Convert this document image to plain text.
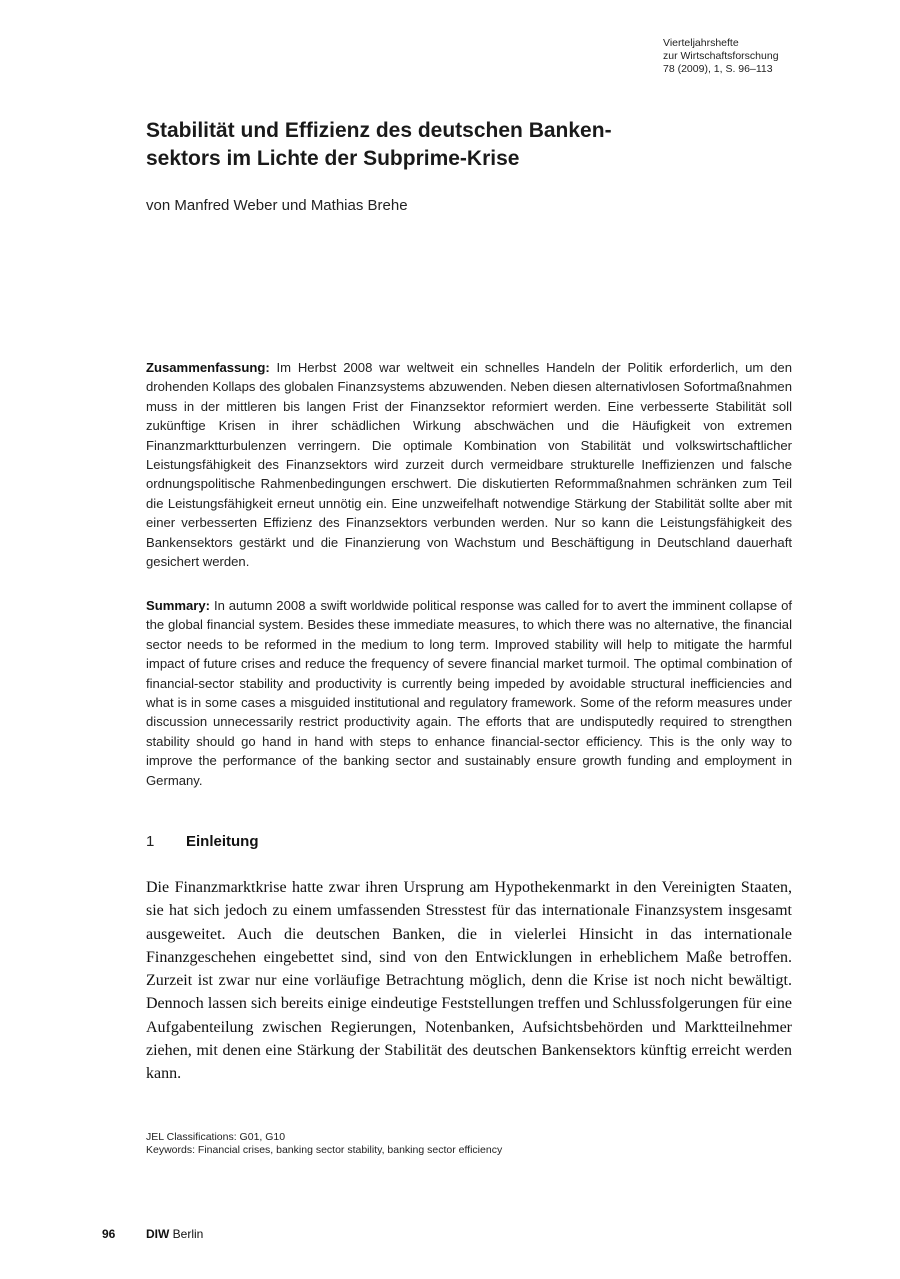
Vierteljahrshefte
zur Wirtschaftsforschung
78 (2009), 1, S. 96–113
Stabilität und Effizienz des deutschen Banken-
sektors im Lichte der Subprime-Krise
von Manfred Weber und Mathias Brehe

Zusammenfassung: Im Herbst 2008 war weltweit ein schnelles Handeln der Politik erforderlich, um den drohenden Kollaps des globalen Finanzsystems abzuwenden. Neben diesen alternativlosen Sofortmaßnahmen muss in der mittleren bis langen Frist der Finanzsektor reformiert werden. Eine verbesserte Stabilität soll zukünftige Krisen in ihrer schädlichen Wirkung abschwächen und die Häufigkeit von extremen Finanzmarktturbulenzen verringern. Die optimale Kombination von Stabilität und volkswirtschaftlicher Leistungsfähigkeit des Finanzsektors wird zurzeit durch vermeidbare strukturelle Ineffizienzen und falsche ordnungspolitische Rahmenbedingungen erschwert. Die diskutierten Reformmaßnahmen schränken zum Teil die Leistungsfähigkeit erneut unnötig ein. Eine unzweifelhaft notwendige Stärkung der Stabilität sollte aber mit einer verbesserten Effizienz des Finanzsektors verbunden werden. Nur so kann die Leistungsfähigkeit des Bankensektors gestärkt und die Finanzierung von Wachstum und Beschäftigung in Deutschland dauerhaft gesichert werden.

Summary: In autumn 2008 a swift worldwide political response was called for to avert the imminent collapse of the global financial system. Besides these immediate measures, to which there was no alternative, the financial sector needs to be reformed in the medium to long term. Improved stability will help to mitigate the harmful impact of future crises and reduce the frequency of severe financial market turmoil. The optimal combination of financial-sector stability and productivity is currently being impeded by avoidable structural inefficiencies and what is in some cases a misguided institutional and regulatory framework. Some of the reform measures under discussion unnecessarily restrict productivity again. The efforts that are undisputedly required to strengthen stability should go hand in hand with steps to enhance financial-sector efficiency. This is the only way to improve the performance of the banking sector and sustainably ensure growth funding and employment in Germany.

1 Einleitung

Die Finanzmarktkrise hatte zwar ihren Ursprung am Hypothekenmarkt in den Vereinigten Staaten, sie hat sich jedoch zu einem umfassenden Stresstest für das internationale Finanzsystem insgesamt ausgeweitet. Auch die deutschen Banken, die in vielerlei Hinsicht in das internationale Finanzgeschehen eingebettet sind, sind von den Entwicklungen in erheblichem Maße betroffen. Zurzeit ist zwar nur eine vorläufige Betrachtung möglich, denn die Krise ist noch nicht bewältigt. Dennoch lassen sich bereits einige eindeutige Feststellungen treffen und Schlussfolgerungen für eine Aufgabenteilung zwischen Regierungen, Notenbanken, Aufsichtsbehörden und Marktteilnehmer ziehen, mit denen eine Stärkung der Stabilität des deutschen Bankensektors künftig erreicht werden kann.

JEL Classifications: G01, G10
Keywords: Financial crises, banking sector stability, banking sector efficiency
96	DIW Berlin
